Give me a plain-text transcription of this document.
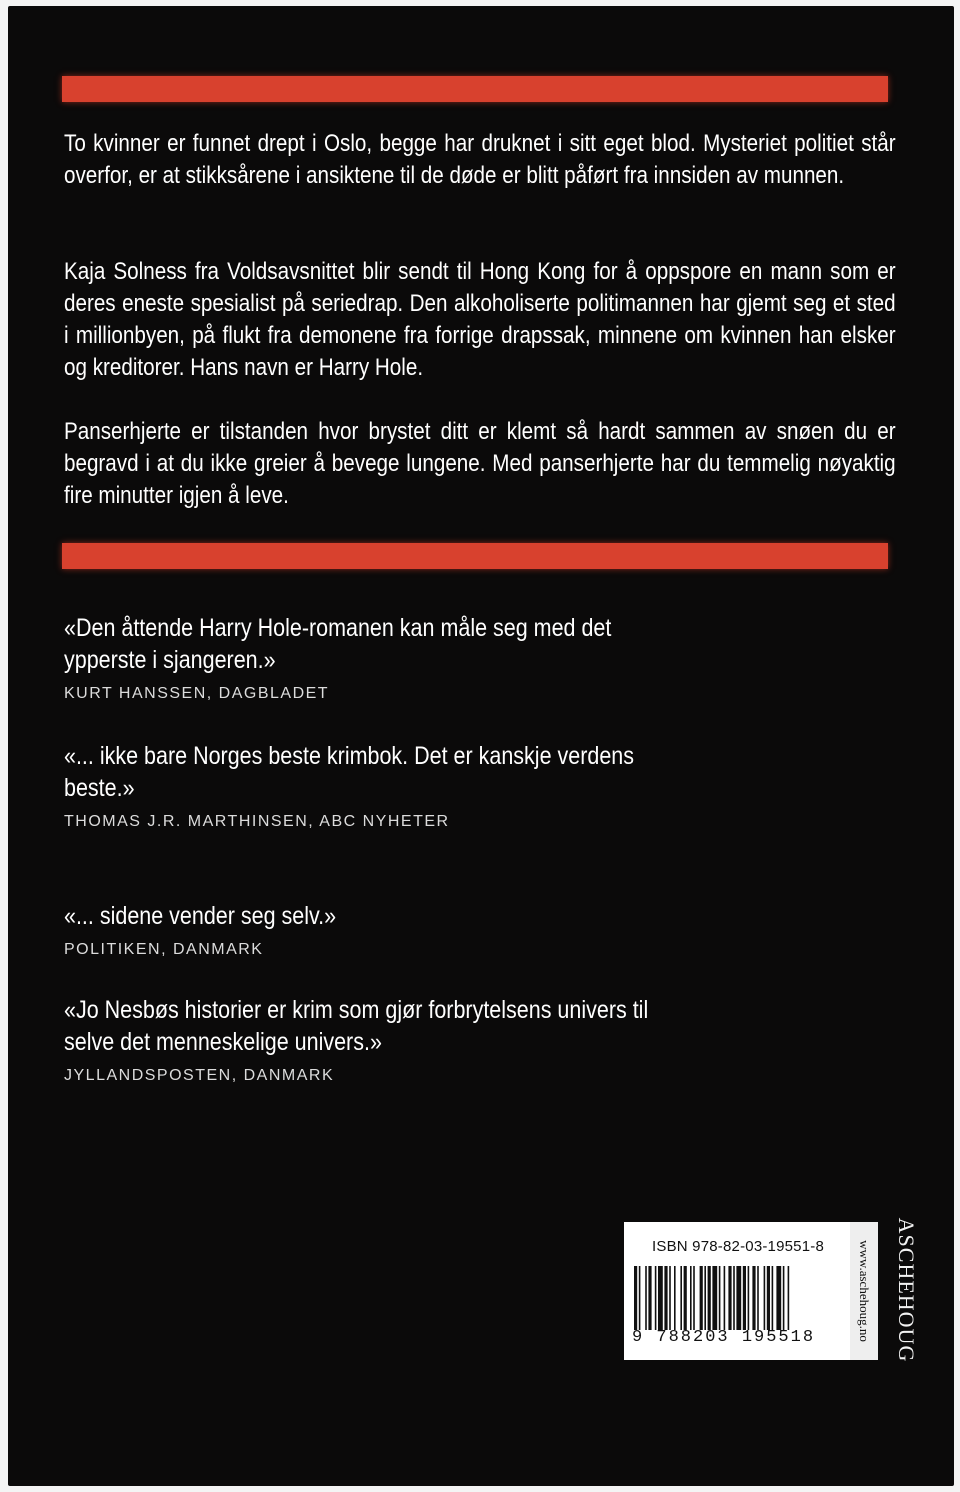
To kvinner er funnet drept i Oslo, begge har druknet i sitt eget blod. Mysteriet politiet står overfor, er at stikksårene i ansiktene til de døde er blitt påført fra innsiden av munnen.

Kaja Solness fra Voldsavsnittet blir sendt til Hong Kong for å oppspore en mann som er deres eneste spesialist på seriedrap. Den alkoholiserte politimannen har gjemt seg et sted i millionbyen, på flukt fra demonene fra forrige drapssak, minnene om kvinnen han elsker og kreditorer. Hans navn er Harry Hole.

Panserhjerte er tilstanden hvor brystet ditt er klemt så hardt sammen av snøen du er begravd i at du ikke greier å bevege lungene. Med panserhjerte har du temmelig nøyaktig fire minutter igjen å leve.

«Den åttende Harry Hole-romanen kan måle seg med det ypperste i sjangeren.»

KURT HANSSEN, DAGBLADET

«... ikke bare Norges beste krimbok. Det er kanskje verdens beste.»

THOMAS J.R. MARTHINSEN, ABC NYHETER

«... sidene vender seg selv.»

POLITIKEN, DANMARK

«Jo Nesbøs historier er krim som gjør forbrytelsens univers til selve det menneskelige univers.»

JYLLANDSPOSTEN, DANMARK

ISBN 978-82-03-19551-8
9 788203 195518	www.aschehoug.no ASCHEHOUG
